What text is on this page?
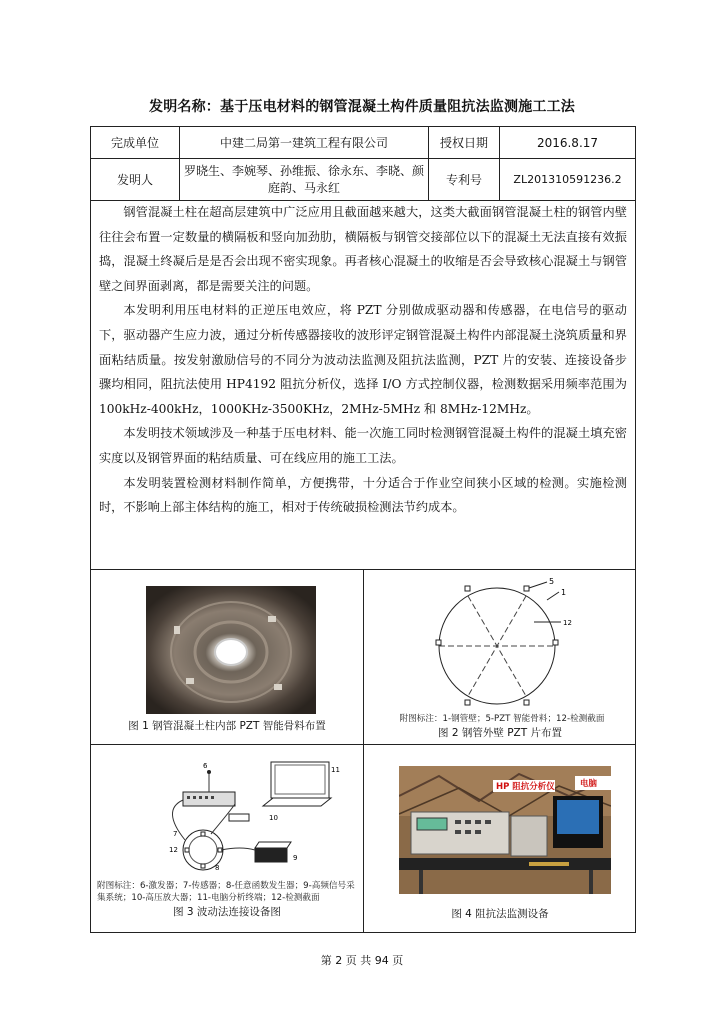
发明名称：基于压电材料的钢管混凝土构件质量阻抗法监测施工工法
完成单位	中建二局第一建筑工程有限公司	授权日期	2016.8.17
发明人	罗晓生、李婉琴、孙维振、徐永东、李晓、颜庭韵、马永红	专利号	ZL201310591236.2

钢管混凝土柱在超高层建筑中广泛应用且截面越来越大，这类大截面钢管混凝土柱的钢管内壁往往会布置一定数量的横隔板和竖向加劲肋，横隔板与钢管交接部位以下的混凝土无法直接有效振捣，混凝土终凝后是是否会出现不密实现象。再者核心混凝土的收缩是否会导致核心混凝土与钢管壁之间界面剥离，都是需要关注的问题。

本发明利用压电材料的正逆压电效应，将 PZT 分别做成驱动器和传感器，在电信号的驱动下，驱动器产生应力波，通过分析传感器接收的波形评定钢管混凝土构件内部混凝土浇筑质量和界面粘结质量。按发射激励信号的不同分为波动法监测及阻抗法监测，PZT 片的安装、连接设备步骤均相同，阻抗法使用 HP4192 阻抗分析仪，选择 I/O 方式控制仪器，检测数据采用频率范围为 100kHz-400kHz，1000KHz-3500KHz，2MHz-5MHz 和 8MHz-12MHz。

本发明技术领域涉及一种基于压电材料、能一次施工同时检测钢管混凝土构件的混凝土填充密实度以及钢管界面的粘结质量、可在线应用的施工工法。

本发明装置检测材料制作简单，方便携带，十分适合于作业空间狭小区域的检测。实施检测时，不影响上部主体结构的施工，相对于传统破损检测法节约成本。

图 1 钢管混凝土柱内部 PZT 智能骨料布置
5
1
12
附图标注：1-钢管壁；5-PZT 智能骨料；12-检测截面
图 2 钢管外壁 PZT 片布置
6	11
10
7
12
8
9
附图标注：6-激发器；7-传感器；8-任意函数发生器；9-高频信号采集系统；10-高压放大器；11-电脑分析终端；12-检测截面
图 3 波动法连接设备图
HP 阻抗分析仪	电脑
图 4 阻抗法监测设备
第 2 页 共 94 页
